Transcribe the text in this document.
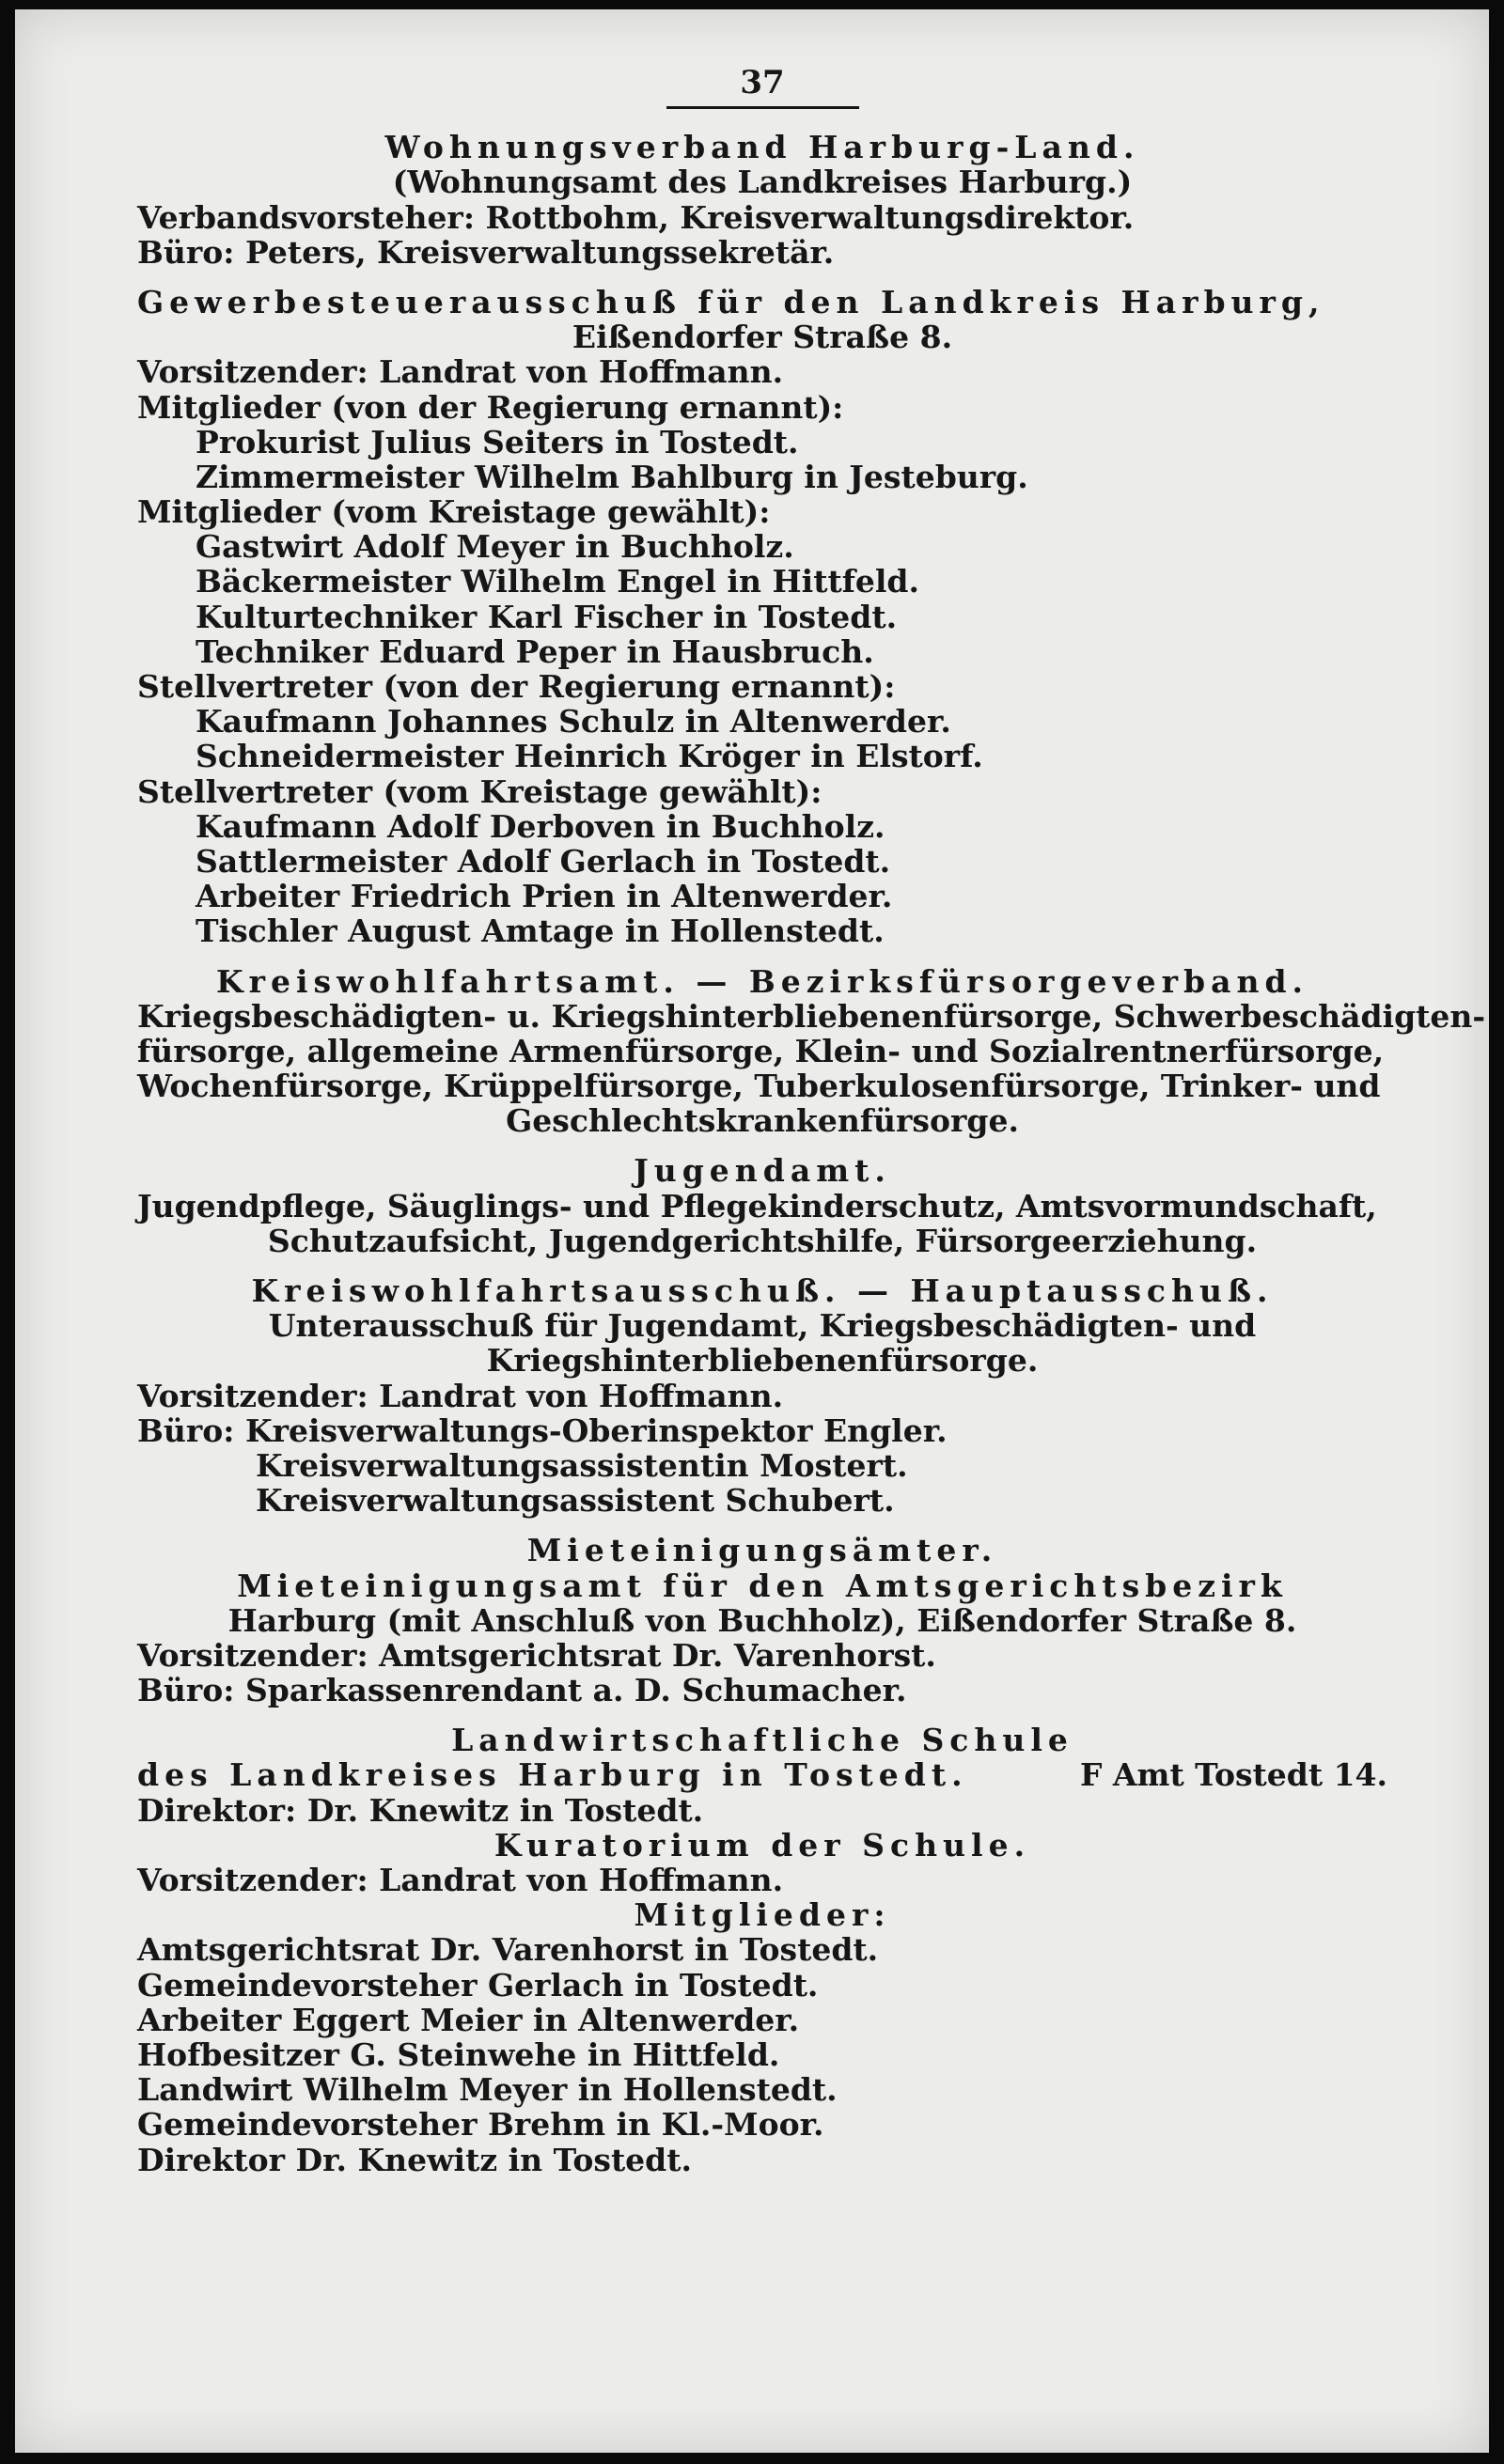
37
Wohnungsverband Harburg-Land.
(Wohnungsamt des Landkreises Harburg.)
Verbandsvorsteher: Rottbohm, Kreisverwaltungsdirektor.
Büro: Peters, Kreisverwaltungssekretär.
Gewerbesteuerausschuß für den Landkreis Harburg,
Eißendorfer Straße 8.
Vorsitzender: Landrat von Hoffmann.
Mitglieder (von der Regierung ernannt):
Prokurist Julius Seiters in Tostedt.
Zimmermeister Wilhelm Bahlburg in Jesteburg.
Mitglieder (vom Kreistage gewählt):
Gastwirt Adolf Meyer in Buchholz.
Bäckermeister Wilhelm Engel in Hittfeld.
Kulturtechniker Karl Fischer in Tostedt.
Techniker Eduard Peper in Hausbruch.
Stellvertreter (von der Regierung ernannt):
Kaufmann Johannes Schulz in Altenwerder.
Schneidermeister Heinrich Kröger in Elstorf.
Stellvertreter (vom Kreistage gewählt):
Kaufmann Adolf Derboven in Buchholz.
Sattlermeister Adolf Gerlach in Tostedt.
Arbeiter Friedrich Prien in Altenwerder.
Tischler August Amtage in Hollenstedt.
Kreiswohlfahrtsamt. — Bezirksfürsorgeverband.
Kriegsbeschädigten- u. Kriegshinterbliebenenfürsorge, Schwerbeschädigten-
fürsorge, allgemeine Armenfürsorge, Klein- und Sozialrentnerfürsorge,
Wochenfürsorge, Krüppelfürsorge, Tuberkulosenfürsorge, Trinker- und
Geschlechtskrankenfürsorge.
Jugendamt.
Jugendpflege, Säuglings- und Pflegekinderschutz, Amtsvormundschaft,
Schutzaufsicht, Jugendgerichtshilfe, Fürsorgeerziehung.
Kreiswohlfahrtsausschuß. — Hauptausschuß.
Unterausschuß für Jugendamt, Kriegsbeschädigten- und
Kriegshinterbliebenenfürsorge.
Vorsitzender: Landrat von Hoffmann.
Büro: Kreisverwaltungs-Oberinspektor Engler.
Kreisverwaltungsassistentin Mostert.
Kreisverwaltungsassistent Schubert.
Mieteinigungsämter.
Mieteinigungsamt für den Amtsgerichtsbezirk
Harburg (mit Anschluß von Buchholz), Eißendorfer Straße 8.
Vorsitzender: Amtsgerichtsrat Dr. Varenhorst.
Büro: Sparkassenrendant a. D. Schumacher.
Landwirtschaftliche Schule
des Landkreises Harburg in Tostedt.	F Amt Tostedt 14.
Direktor: Dr. Knewitz in Tostedt.
Kuratorium der Schule.
Vorsitzender: Landrat von Hoffmann.
Mitglieder:
Amtsgerichtsrat Dr. Varenhorst in Tostedt.
Gemeindevorsteher Gerlach in Tostedt.
Arbeiter Eggert Meier in Altenwerder.
Hofbesitzer G. Steinwehe in Hittfeld.
Landwirt Wilhelm Meyer in Hollenstedt.
Gemeindevorsteher Brehm in Kl.-Moor.
Direktor Dr. Knewitz in Tostedt.
